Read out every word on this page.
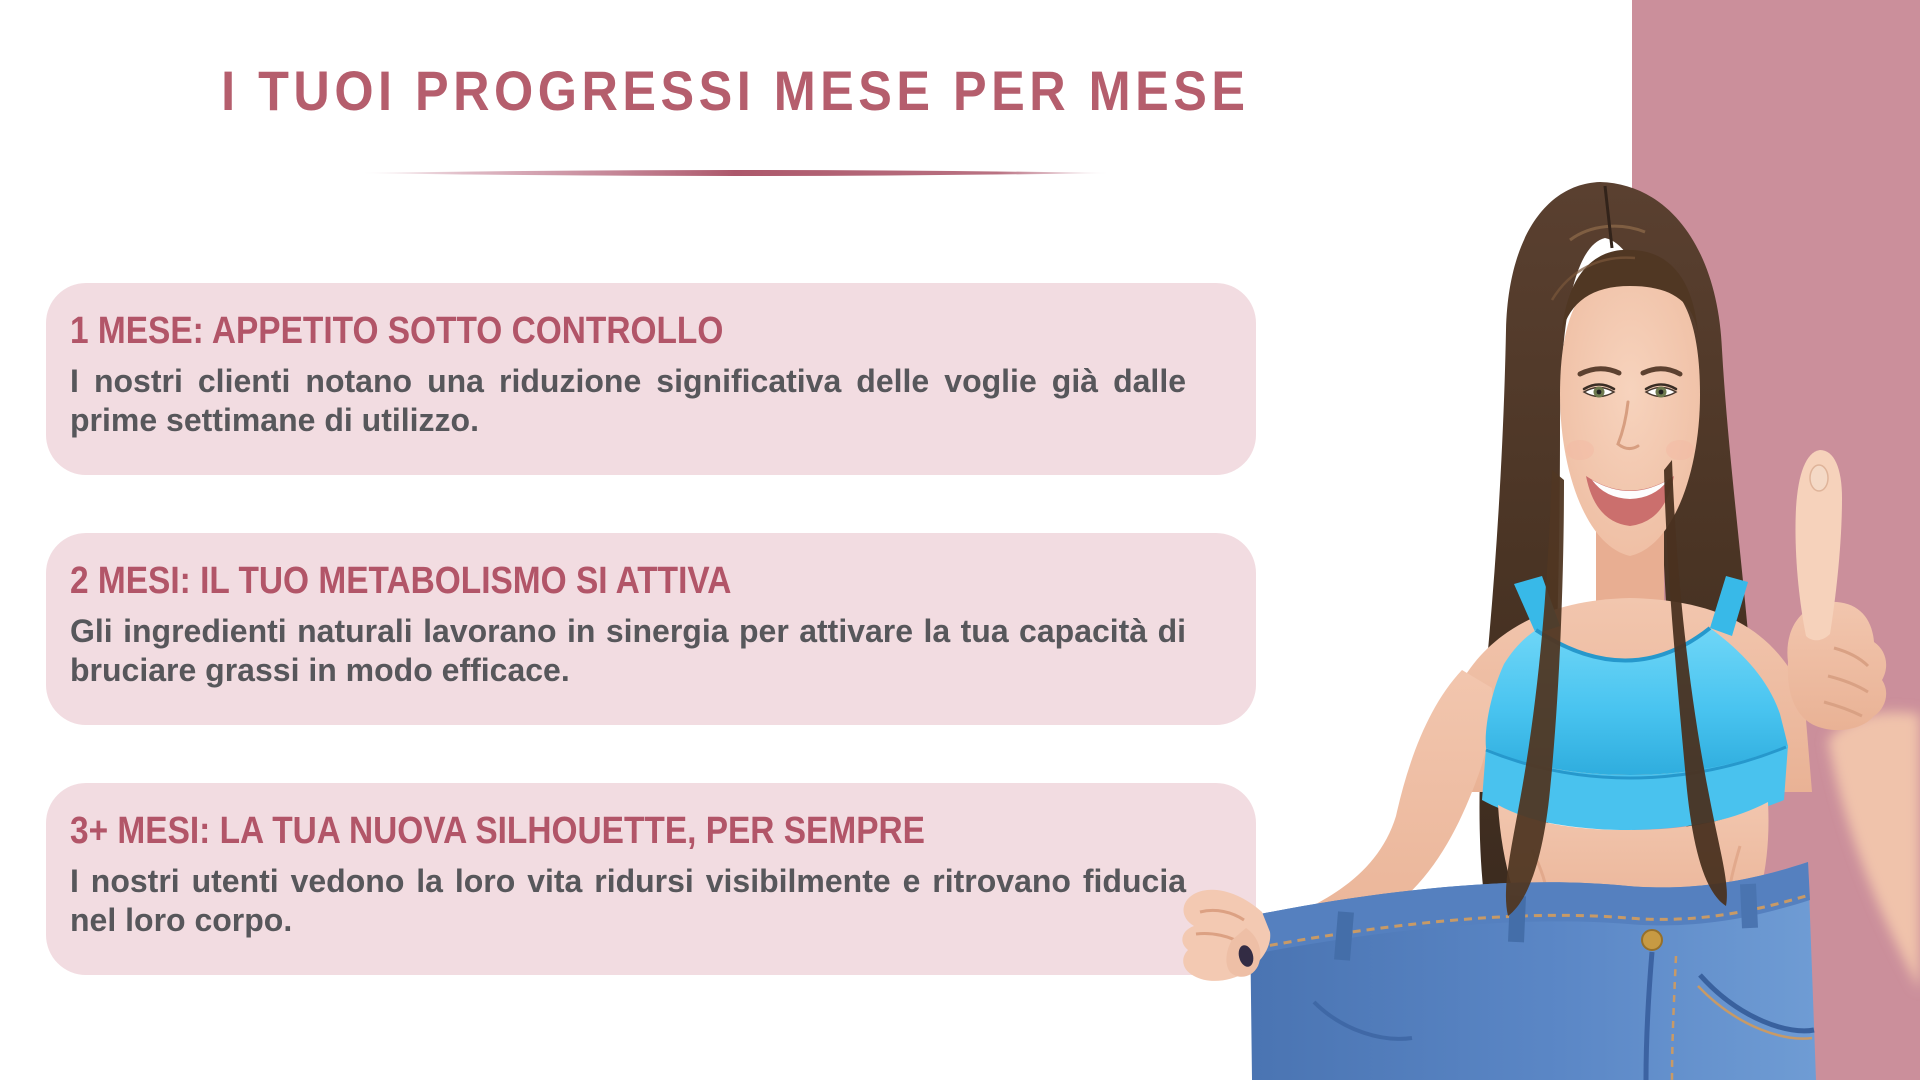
I TUOI PROGRESSI MESE PER MESE
1 MESE: APPETITO SOTTO CONTROLLO

I nostri clienti notano una riduzione significativa delle voglie già dalle prime settimane di utilizzo.

2 MESI: IL TUO METABOLISMO SI ATTIVA

Gli ingredienti naturali lavorano in sinergia per attivare la tua capacità di bruciare grassi in modo efficace.

3+ MESI: LA TUA NUOVA SILHOUETTE, PER SEMPRE

I nostri utenti vedono la loro vita ridursi visibilmente e ritrovano fiducia nel loro corpo.
